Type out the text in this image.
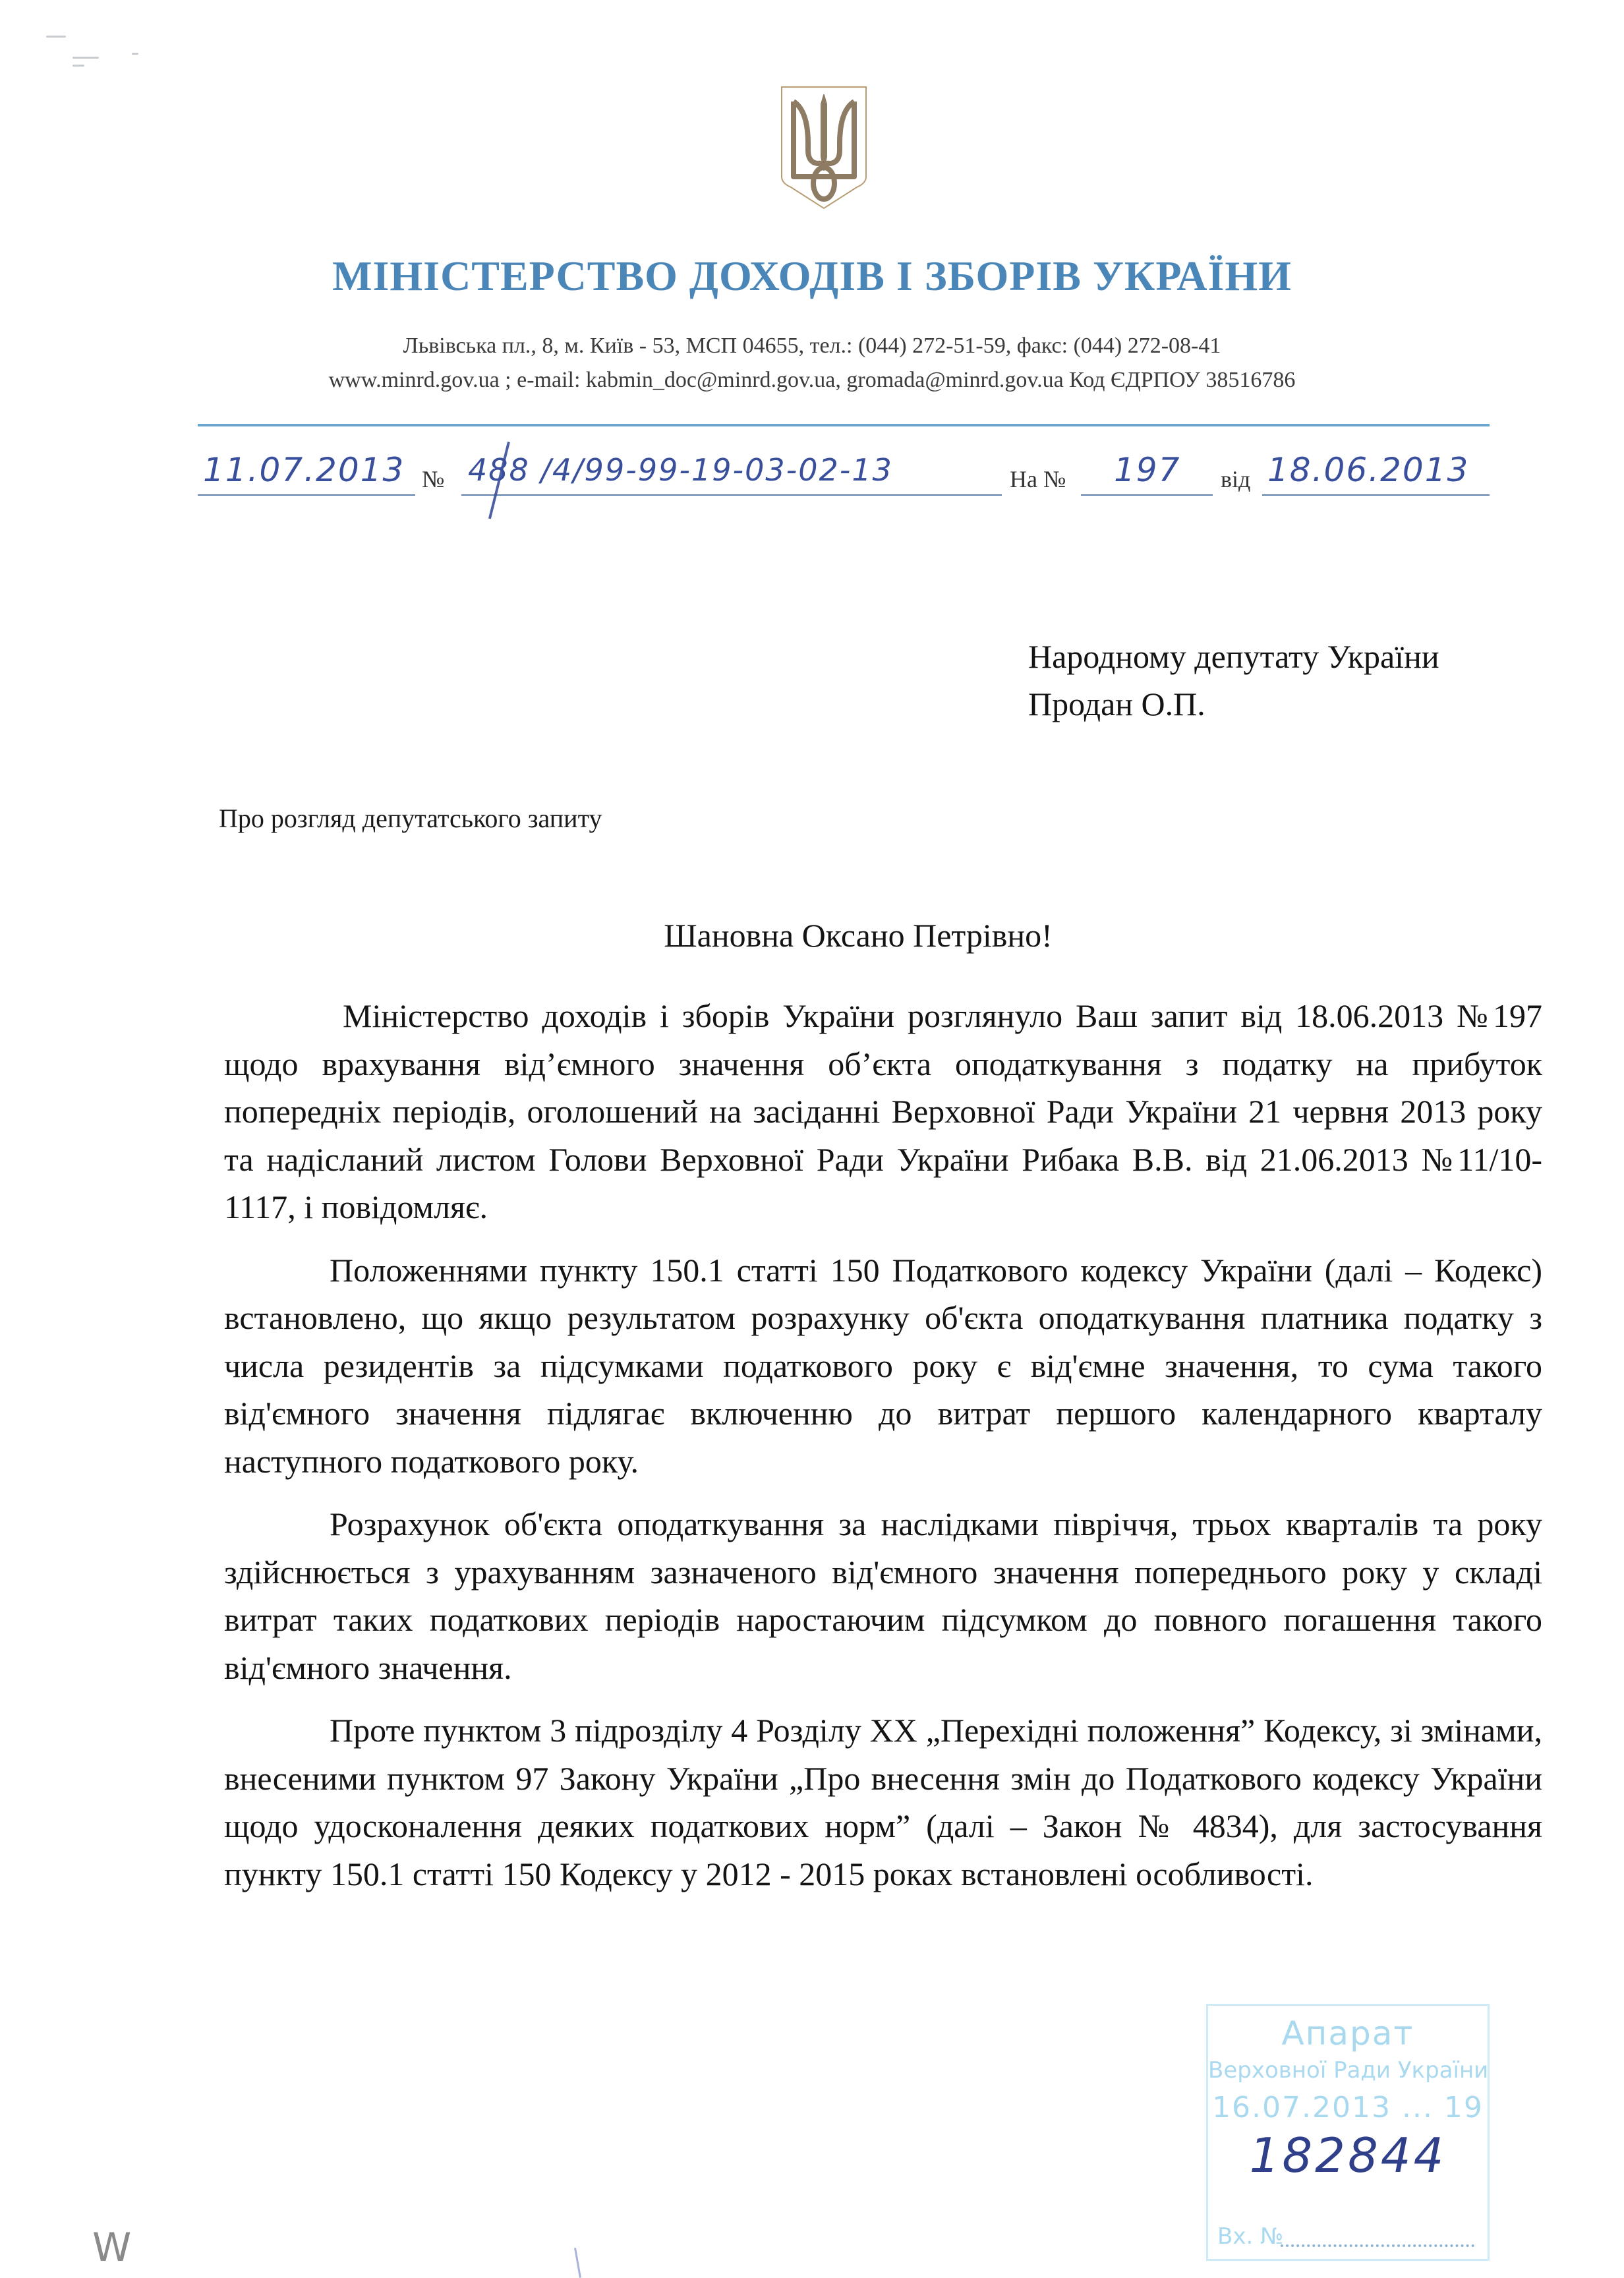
МІНІСТЕРСТВО ДОХОДІВ І ЗБОРІВ УКРАЇНИ
Львівська пл., 8, м. Київ - 53, МСП 04655, тел.: (044) 272-51-59, факс: (044) 272-08-41
www.minrd.gov.ua ; e-mail: kabmin_doc@minrd.gov.ua, gromada@minrd.gov.ua Код ЄДРПОУ 38516786
11.07.2013 № 488 /4/99-99-19-03-02-13	На № 197 від 18.06.2013
Народному депутату України
Продан О.П.
Про розгляд депутатського запиту
Шановна Оксано Петрівно!

Міністерство доходів і зборів України розглянуло Ваш запит від 18.06.2013 №197 щодо врахування від’ємного значення об’єкта оподаткування з податку на прибуток попередніх періодів, оголошений на засіданні Верховної Ради України 21 червня 2013 року та надісланий листом Голови Верховної Ради України Рибака В.В. від 21.06.2013 №11/10-1117, і повідомляє.

Положеннями пункту 150.1 статті 150 Податкового кодексу України (далі – Кодекс) встановлено, що якщо результатом розрахунку об'єкта оподаткування платника податку з числа резидентів за підсумками податкового року є від'ємне значення, то сума такого від'ємного значення підлягає включенню до витрат першого календарного кварталу наступного податкового року.

Розрахунок об'єкта оподаткування за наслідками півріччя, трьох кварталів та року здійснюється з урахуванням зазначеного від'ємного значення попереднього року у складі витрат таких податкових періодів наростаючим підсумком до повного погашення такого від'ємного значення.

Проте пунктом 3 підрозділу 4 Розділу XX „Перехідні положення” Кодексу, зі змінами, внесеними пунктом 97 Закону України „Про внесення змін до Податкового кодексу України щодо удосконалення деяких податкових норм” (далі – Закон № 4834), для застосування пункту 150.1 статті 150 Кодексу у 2012 - 2015 роках встановлені особливості.

Апарат
Верховної Ради України
16.07.2013 ... 19
Вх. №
182844
W
